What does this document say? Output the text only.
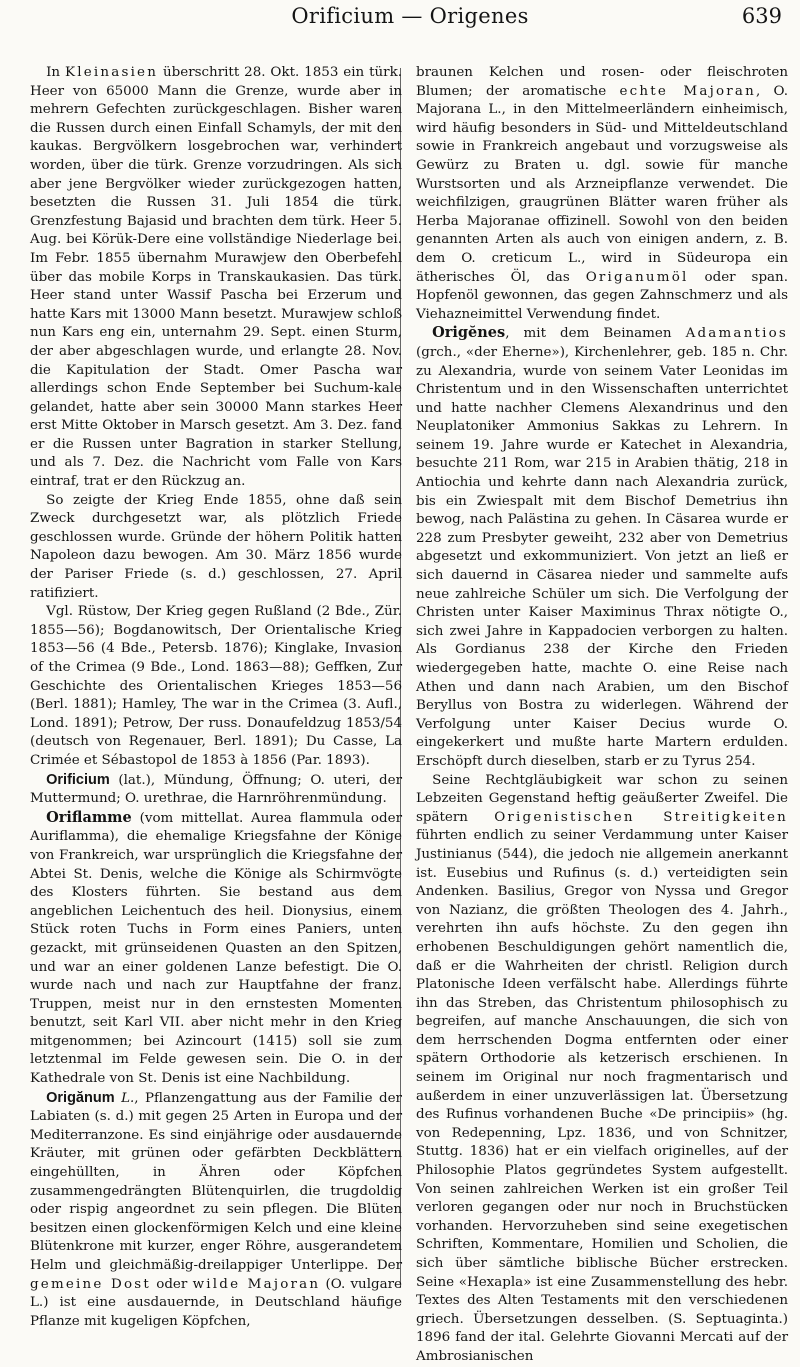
Orificium — Origenes	639

In Kleinasien überschritt 28. Okt. 1853 ein türk. Heer von 65000 Mann die Grenze, wurde aber in mehrern Gefechten zurückgeschlagen. Bisher waren die Russen durch einen Einfall Schamyls, der mit den kaukas. Bergvölkern losgebrochen war, verhindert worden, über die türk. Grenze vorzudringen. Als sich aber jene Bergvölker wieder zurückgezogen hatten, besetzten die Russen 31. Juli 1854 die türk. Grenzfestung Bajasid und brachten dem türk. Heer 5. Aug. bei Körük-Dere eine vollständige Niederlage bei. Im Febr. 1855 übernahm Murawjew den Oberbefehl über das mobile Korps in Transkaukasien. Das türk. Heer stand unter Wassif Pascha bei Erzerum und hatte Kars mit 13000 Mann besetzt. Murawjew schloß nun Kars eng ein, unternahm 29. Sept. einen Sturm, der aber abgeschlagen wurde, und erlangte 28. Nov. die Kapitulation der Stadt. Omer Pascha war allerdings schon Ende September bei Suchum-kale gelandet, hatte aber sein 30000 Mann starkes Heer erst Mitte Oktober in Marsch gesetzt. Am 3. Dez. fand er die Russen unter Bagration in starker Stellung, und als 7. Dez. die Nachricht vom Falle von Kars eintraf, trat er den Rückzug an.

So zeigte der Krieg Ende 1855, ohne daß sein Zweck durchgesetzt war, als plötzlich Friede geschlossen wurde. Gründe der höhern Politik hatten Napoleon dazu bewogen. Am 30. März 1856 wurde der Pariser Friede (s. d.) geschlossen, 27. April ratifiziert.

Vgl. Rüstow, Der Krieg gegen Rußland (2 Bde., Zür. 1855—56); Bogdanowitsch, Der Orientalische Krieg 1853—56 (4 Bde., Petersb. 1876); Kinglake, Invasion of the Crimea (9 Bde., Lond. 1863—88); Geffken, Zur Geschichte des Orientalischen Krieges 1853—56 (Berl. 1881); Hamley, The war in the Crimea (3. Aufl., Lond. 1891); Petrow, Der russ. Donaufeldzug 1853/54 (deutsch von Regenauer, Berl. 1891); Du Casse, La Crimée et Sébastopol de 1853 à 1856 (Par. 1893).

Orificium (lat.), Mündung, Öffnung; O. uteri, der Muttermund; O. urethrae, die Harnröhrenmündung.

Oriflamme (vom mittellat. Aurea flammula oder Auriflamma), die ehemalige Kriegsfahne der Könige von Frankreich, war ursprünglich die Kriegsfahne der Abtei St. Denis, welche die Könige als Schirmvögte des Klosters führten. Sie bestand aus dem angeblichen Leichentuch des heil. Dionysius, einem Stück roten Tuchs in Form eines Paniers, unten gezackt, mit grünseidenen Quasten an den Spitzen, und war an einer goldenen Lanze befestigt. Die O. wurde nach und nach zur Hauptfahne der franz. Truppen, meist nur in den ernstesten Momenten benutzt, seit Karl VII. aber nicht mehr in den Krieg mitgenommen; bei Azincourt (1415) soll sie zum letztenmal im Felde gewesen sein. Die O. in der Kathedrale von St. Denis ist eine Nachbildung.

Origănum L., Pflanzengattung aus der Familie der Labiaten (s. d.) mit gegen 25 Arten in Europa und der Mediterranzone. Es sind einjährige oder ausdauernde Kräuter, mit grünen oder gefärbten Deckblättern eingehüllten, in Ähren oder Köpfchen zusammengedrängten Blütenquirlen, die trugdoldig oder rispig angeordnet zu sein pflegen. Die Blüten besitzen einen glockenförmigen Kelch und eine kleine Blütenkrone mit kurzer, enger Röhre, ausgerandetem Helm und gleichmäßig-dreilappiger Unterlippe. Der gemeine Dost oder wilde Majoran (O. vulgare L.) ist eine ausdauernde, in Deutschland häufige Pflanze mit kugeligen Köpfchen,

braunen Kelchen und rosen- oder fleischroten Blumen; der aromatische echte Majoran, O. Majorana L., in den Mittelmeerländern einheimisch, wird häufig besonders in Süd- und Mitteldeutschland sowie in Frankreich angebaut und vorzugsweise als Gewürz zu Braten u. dgl. sowie für manche Wurstsorten und als Arzneipflanze verwendet. Die weichfilzigen, graugrünen Blätter waren früher als Herba Majoranae offizinell. Sowohl von den beiden genannten Arten als auch von einigen andern, z. B. dem O. creticum L., wird in Südeuropa ein ätherisches Öl, das Origanumöl oder span. Hopfenöl gewonnen, das gegen Zahnschmerz und als Viehazneimittel Verwendung findet.

Origĕnes, mit dem Beinamen Adamantios (grch., «der Eherne»), Kirchenlehrer, geb. 185 n. Chr. zu Alexandria, wurde von seinem Vater Leonidas im Christentum und in den Wissenschaften unterrichtet und hatte nachher Clemens Alexandrinus und den Neuplatoniker Ammonius Sakkas zu Lehrern. In seinem 19. Jahre wurde er Katechet in Alexandria, besuchte 211 Rom, war 215 in Arabien thätig, 218 in Antiochia und kehrte dann nach Alexandria zurück, bis ein Zwiespalt mit dem Bischof Demetrius ihn bewog, nach Palästina zu gehen. In Cäsarea wurde er 228 zum Presbyter geweiht, 232 aber von Demetrius abgesetzt und exkommuniziert. Von jetzt an ließ er sich dauernd in Cäsarea nieder und sammelte aufs neue zahlreiche Schüler um sich. Die Verfolgung der Christen unter Kaiser Maximinus Thrax nötigte O., sich zwei Jahre in Kappadocien verborgen zu halten. Als Gordianus 238 der Kirche den Frieden wiedergegeben hatte, machte O. eine Reise nach Athen und dann nach Arabien, um den Bischof Beryllus von Bostra zu widerlegen. Während der Verfolgung unter Kaiser Decius wurde O. eingekerkert und mußte harte Martern erdulden. Erschöpft durch dieselben, starb er zu Tyrus 254.

Seine Rechtgläubigkeit war schon zu seinen Lebzeiten Gegenstand heftig geäußerter Zweifel. Die spätern Origenistischen Streitigkeiten führten endlich zu seiner Verdammung unter Kaiser Justinianus (544), die jedoch nie allgemein anerkannt ist. Eusebius und Rufinus (s. d.) verteidigten sein Andenken. Basilius, Gregor von Nyssa und Gregor von Nazianz, die größten Theologen des 4. Jahrh., verehrten ihn aufs höchste. Zu den gegen ihn erhobenen Beschuldigungen gehört namentlich die, daß er die Wahrheiten der christl. Religion durch Platonische Ideen verfälscht habe. Allerdings führte ihn das Streben, das Christentum philosophisch zu begreifen, auf manche Anschauungen, die sich von dem herrschenden Dogma entfernten oder einer spätern Orthodorie als ketzerisch erschienen. In seinem im Original nur noch fragmentarisch und außerdem in einer unzuverlässigen lat. Übersetzung des Rufinus vorhandenen Buche «De principiis» (hg. von Redepenning, Lpz. 1836, und von Schnitzer, Stuttg. 1836) hat er ein vielfach originelles, auf der Philosophie Platos gegründetes System aufgestellt. Von seinen zahlreichen Werken ist ein großer Teil verloren gegangen oder nur noch in Bruchstücken vorhanden. Hervorzuheben sind seine exegetischen Schriften, Kommentare, Homilien und Scholien, die sich über sämtliche biblische Bücher erstrecken. Seine «Hexapla» ist eine Zusammenstellung des hebr. Textes des Alten Testaments mit den verschiedenen griech. Übersetzungen desselben. (S. Septuaginta.) 1896 fand der ital. Gelehrte Giovanni Mercati auf der Ambrosianischen
